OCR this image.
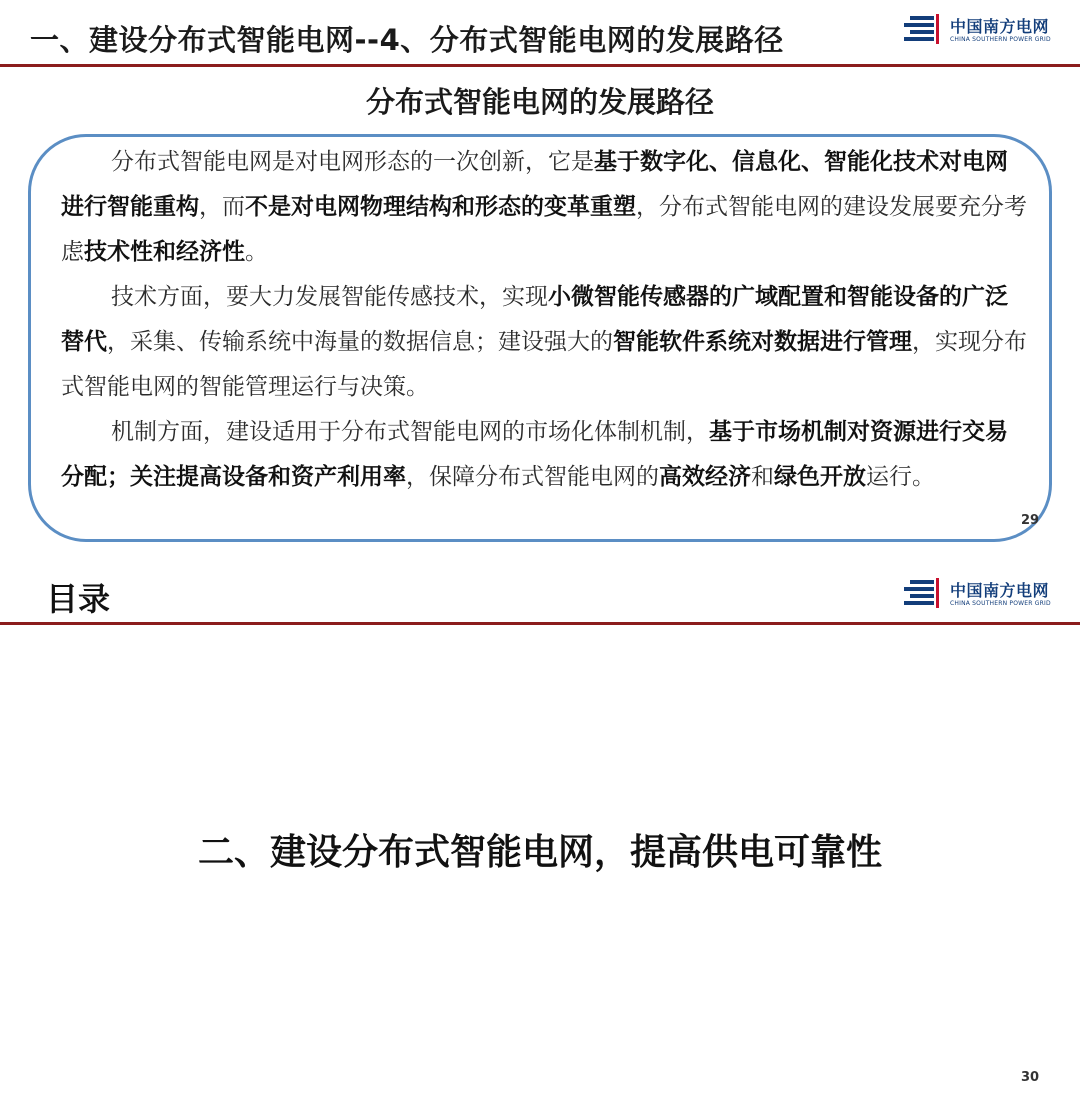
一、建设分布式智能电网--4、分布式智能电网的发展路径	中国南方电网
CHINA SOUTHERN POWER GRID
分布式智能电网的发展路径

分布式智能电网是对电网形态的一次创新，它是基于数字化、信息化、智能化技术对电网进行智能重构，而不是对电网物理结构和形态的变革重塑，分布式智能电网的建设发展要充分考虑技术性和经济性。

技术方面，要大力发展智能传感技术，实现小微智能传感器的广域配置和智能设备的广泛替代，采集、传输系统中海量的数据信息；建设强大的智能软件系统对数据进行管理，实现分布式智能电网的智能管理运行与决策。

机制方面，建设适用于分布式智能电网的市场化体制机制，基于市场机制对资源进行交易分配；关注提高设备和资产利用率，保障分布式智能电网的高效经济和绿色开放运行。

29
目录	中国南方电网
CHINA SOUTHERN POWER GRID
二、建设分布式智能电网，提高供电可靠性
30
